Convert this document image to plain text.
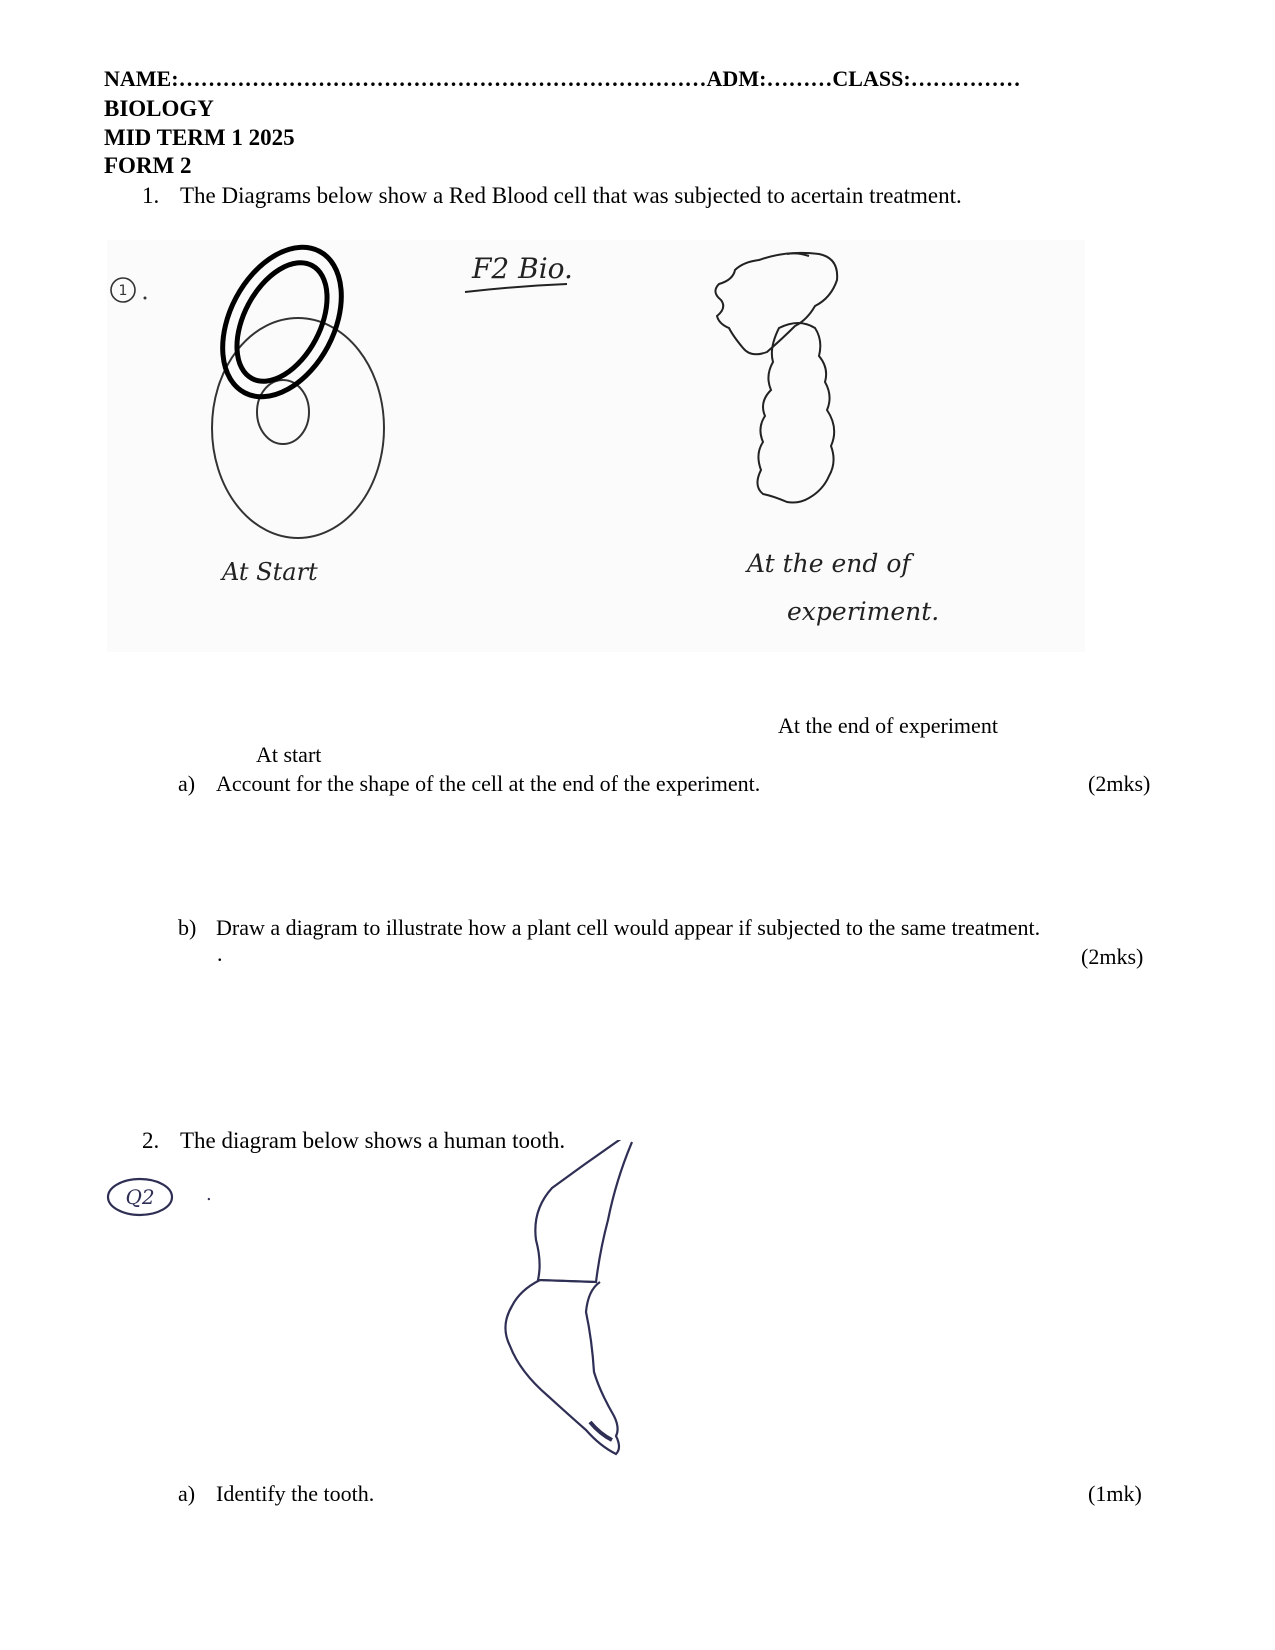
NAME:………………………………………………………………ADM:………CLASS:……………
BIOLOGY
MID TERM 1 2025
FORM 2
1. The Diagrams below show a Red Blood cell that was subjected to acertain treatment.
1
F2 Bio.
At Start	At the end of
experiment.
At the end of experiment
At start
a) Account for the shape of the cell at the end of the experiment.	(2mks)
b) Draw a diagram to illustrate how a plant cell would appear if subjected to the same treatment.
.	(2mks)
2. The diagram below shows a human tooth.
Q2	.
a) Identify the tooth.	(1mk)
